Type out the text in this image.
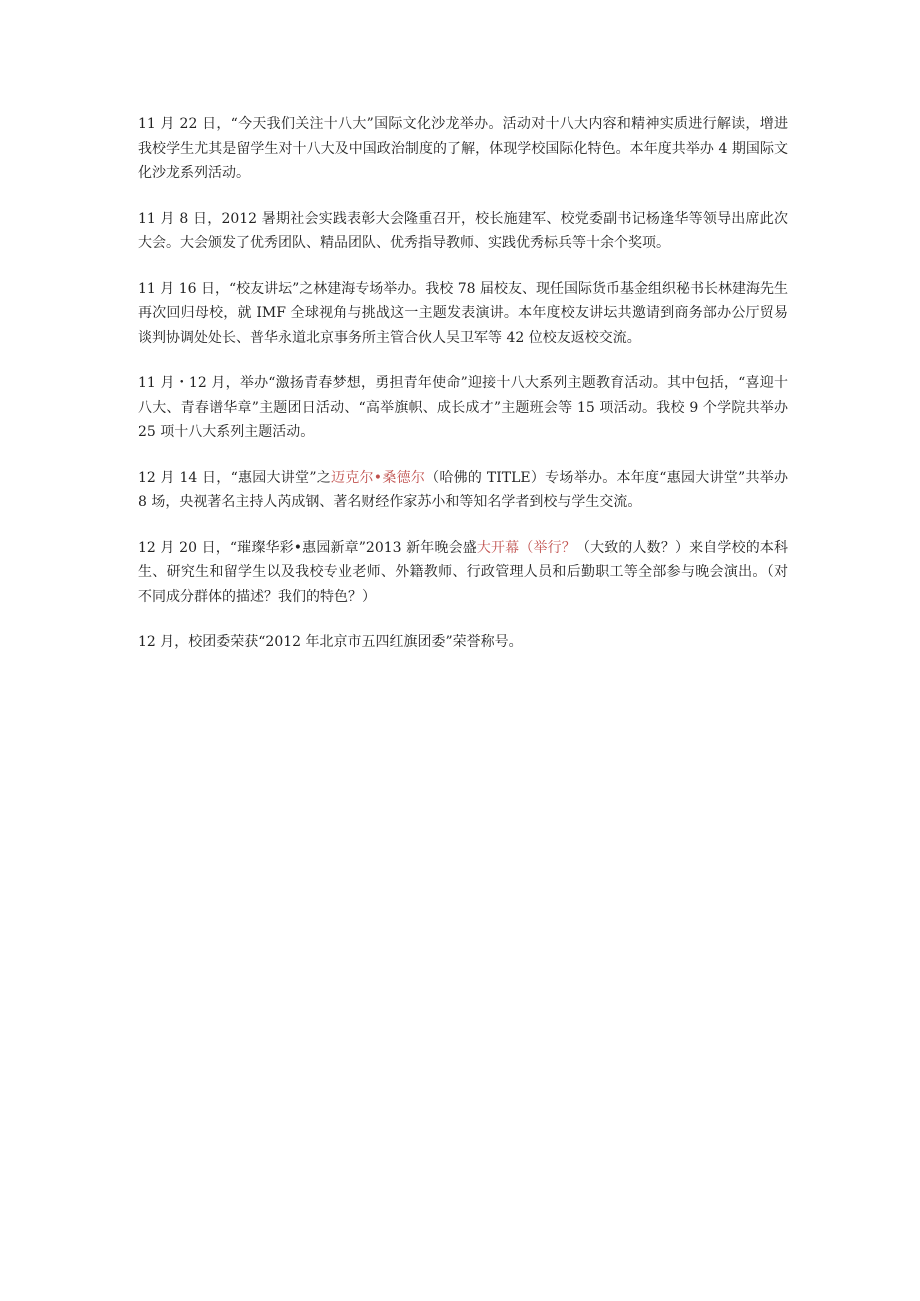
11 月 22 日，“今天我们关注十八大”国际文化沙龙举办。活动对十八大内容和精神实质进行解读，增进我校学生尤其是留学生对十八大及中国政治制度的了解，体现学校国际化特色。本年度共举办 4 期国际文化沙龙系列活动。

11 月 8 日，2012 暑期社会实践表彰大会隆重召开，校长施建军、校党委副书记杨逢华等领导出席此次大会。大会颁发了优秀团队、精品团队、优秀指导教师、实践优秀标兵等十余个奖项。

11 月 16 日，“校友讲坛”之林建海专场举办。我校 78 届校友、现任国际货币基金组织秘书长林建海先生再次回归母校，就 IMF 全球视角与挑战这一主题发表演讲。本年度校友讲坛共邀请到商务部办公厅贸易谈判协调处处长、普华永道北京事务所主管合伙人吴卫军等 42 位校友返校交流。

11 月・12 月，举办“激扬青春梦想，勇担青年使命”迎接十八大系列主题教育活动。其中包括，“喜迎十八大、青春谱华章”主题团日活动、“高举旗帜、成长成才”主题班会等 15 项活动。我校 9 个学院共举办 25 项十八大系列主题活动。

12 月 14 日，“惠园大讲堂”之迈克尔•桑德尔（哈佛的 TITLE）专场举办。本年度“惠园大讲堂”共举办 8 场，央视著名主持人芮成钢、著名财经作家苏小和等知名学者到校与学生交流。

12 月 20 日，“璀璨华彩•惠园新章”2013 新年晚会盛大开幕（举行？（大致的人数？）来自学校的本科生、研究生和留学生以及我校专业老师、外籍教师、行政管理人员和后勤职工等全部参与晚会演出。（对不同成分群体的描述？我们的特色？）

12 月，校团委荣获“2012 年北京市五四红旗团委”荣誉称号。
